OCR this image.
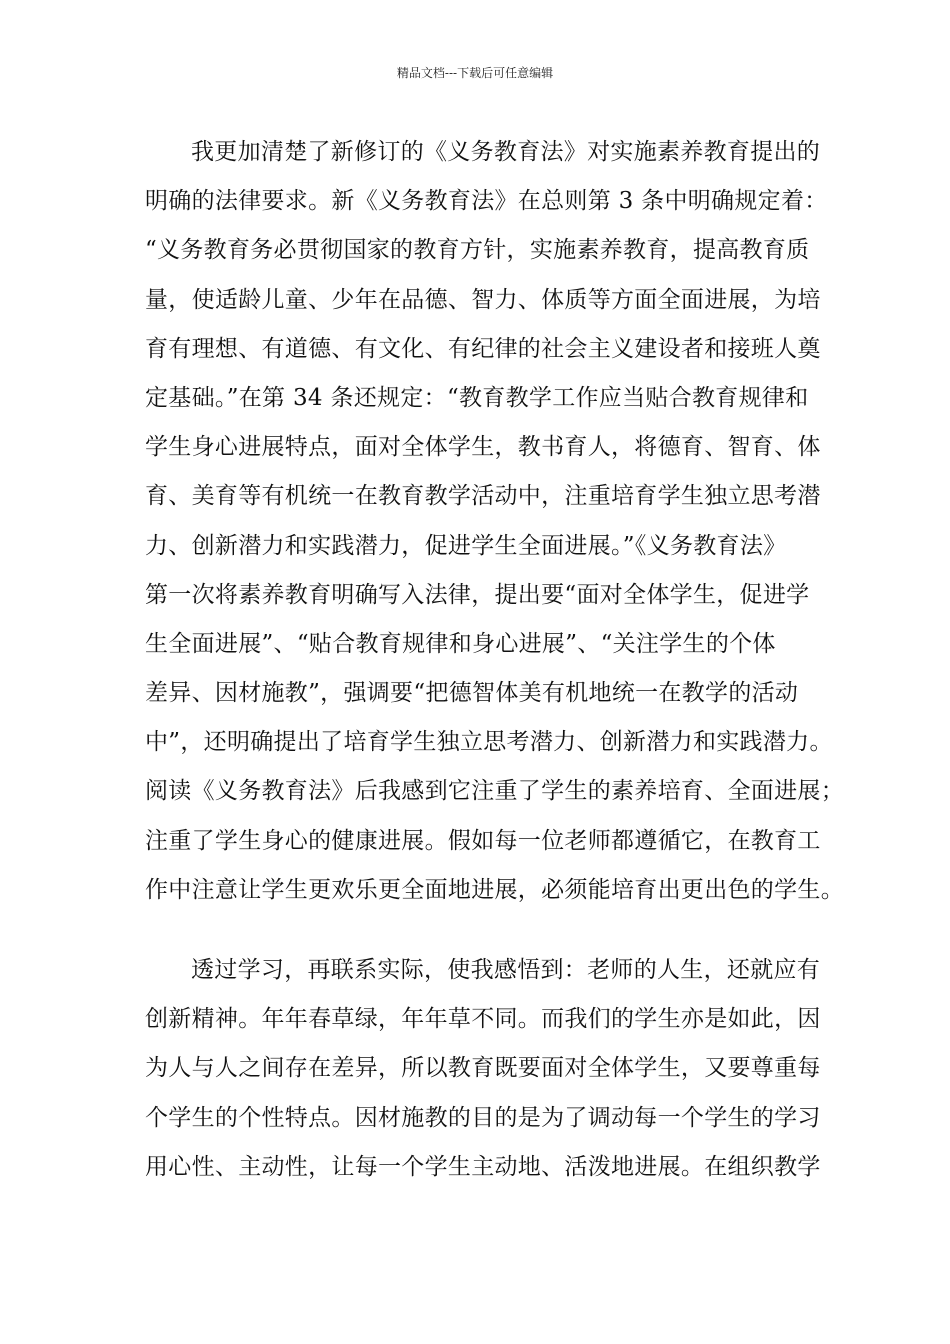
精品文档---下载后可任意编辑
我更加清楚了新修订的《义务教育法》对实施素养教育提出的
明确的法律要求。新《义务教育法》在总则第 3 条中明确规定着：
“义务教育务必贯彻国家的教育方针，实施素养教育，提高教育质
量，使适龄儿童、少年在品德、智力、体质等方面全面进展，为培
育有理想、有道德、有文化、有纪律的社会主义建设者和接班人奠
定基础。”在第 34 条还规定：“教育教学工作应当贴合教育规律和
学生身心进展特点，面对全体学生，教书育人，将德育、智育、体
育、美育等有机统一在教育教学活动中，注重培育学生独立思考潜
力、创新潜力和实践潜力，促进学生全面进展。”《义务教育法》
第一次将素养教育明确写入法律，提出要“面对全体学生，促进学
生全面进展”、“贴合教育规律和身心进展”、“关注学生的个体
差异、因材施教”，强调要“把德智体美有机地统一在教学的活动
中”，还明确提出了培育学生独立思考潜力、创新潜力和实践潜力。
阅读《义务教育法》后我感到它注重了学生的素养培育、全面进展；
注重了学生身心的健康进展。假如每一位老师都遵循它，在教育工
作中注意让学生更欢乐更全面地进展，必须能培育出更出色的学生。
透过学习，再联系实际，使我感悟到：老师的人生，还就应有
创新精神。年年春草绿，年年草不同。而我们的学生亦是如此，因
为人与人之间存在差异，所以教育既要面对全体学生，又要尊重每
个学生的个性特点。因材施教的目的是为了调动每一个学生的学习
用心性、主动性，让每一个学生主动地、活泼地进展。在组织教学
